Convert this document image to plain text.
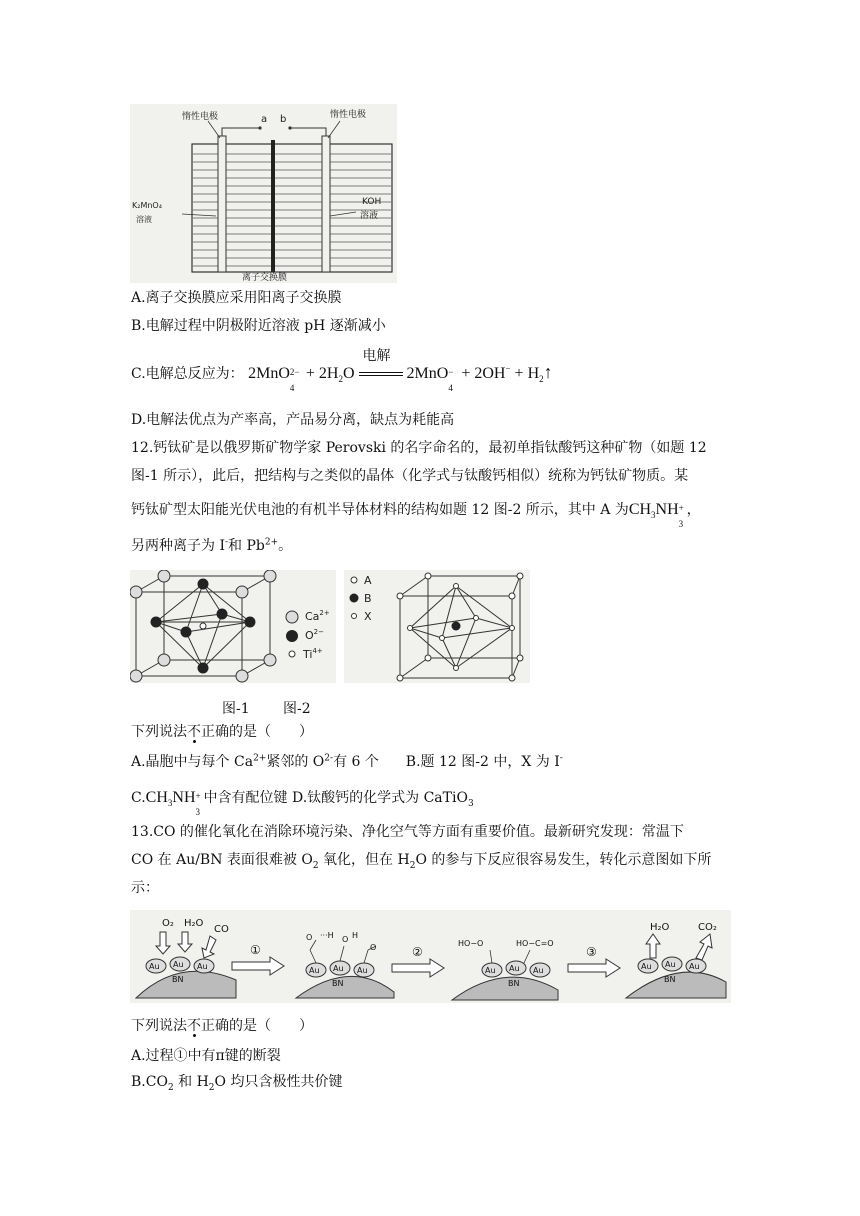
惰性电极	a b	惰性电极
K₂MnO₄
溶液
KOH
溶液
离子交换膜
A.离子交换膜应采用阳离子交换膜
B.电解过程中阴极附近溶液 pH 逐渐减小
C.电解总反应为： 2MnO 2−
4
+ $2H_2O$
电解
2MnO −
4
+ $2OH^- + H_2↑$
D.电解法优点为产率高，产品易分离，缺点为耗能高
12.钙钛矿是以俄罗斯矿物学家 Perovski 的名字命名的，最初单指钛酸钙这种矿物（如题 12
图-1 所示），此后，把结构与之类似的晶体（化学式与钛酸钙相似）统称为钙钛矿物质。某
钙钛矿型太阳能光伏电池的有机半导体材料的结构如题 12 图-2 所示，其中 A 为$CH_3NH$ +
3
，
另两种离子为 I-和 $Pb^{2+}$。
$Ca^{2+}$
$O^{2-}$
$Ti^{4+}$
A
B
X
图-1 图-2
下列说法不正确的是（　　）
A.晶胞中与每个 $Ca^{2+}$紧邻的 $O^{2-}$有 6 个 B.题 12 图-2 中，X 为 I-
$C.CH_3NH$ +
3
中含有配位键 D.钛酸钙的化学式为 CaTiO$_3$
13.CO 的催化氧化在消除环境污染、净化空气等方面有重要价值。最新研究发现：常温下
CO 在 Au/BN 表面很难被 $O_2$ 氧化，但在 $H_2O$ 的参与下反应很容易发生，转化示意图如下所
示：
Au Au Au	Au Au Au	Au Au Au	Au Au Au
BN	BN	BN	BN
O₂ H₂O
CO
O ···H O H
O	HO−O	HO−C=O
H₂O	CO₂
①	②	③
下列说法不正确的是（　　）
A.过程①中有π键的断裂
$B.CO_2$ 和 $H_2O$ 均只含极性共价键
